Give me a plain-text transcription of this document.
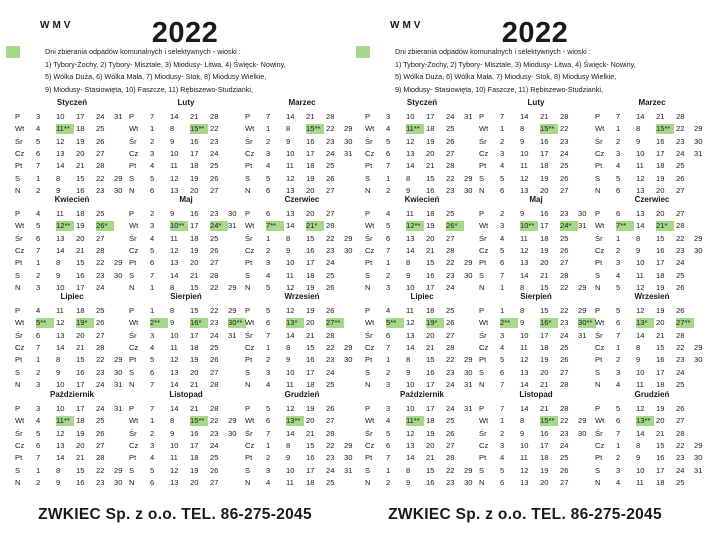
WMV	2022
Dni zbierania odpadów komunalnych i selektywnych - wioski :
1) Tybory-Żochy, 2) Tybory- Misztale, 3) Miodusy- Litwa, 4) Święck- Nowiny,
5) Wólka Duża, 6) Wólka Mała, 7) Miodusy- Stok, 8) Miodusy Wielkie,
9) Miodusy- Stasiowięta, 10) Faszcze, 11) Rębiszewo-Studzianki,
Styczeń
P	3	10	17	24	31
Wt	4	11** 18	25
Śr	5	12	19	26
Cz	6	13	20	27
Pt	7	14	21	28
S	1	8	15	22	29
N	2	9	16	23	30
Luty
P	7	14	21	28
Wt	1	8	15** 22
Śr	2	9	16	23
Cz	3	10	17	24
Pt	4	11	18	25
S	5	12	19	26
N	6	13	20	27
Marzec
P	7	14	21	28
Wt	1	8	15** 22	29
Śr	2	9	16	23	30
Cz	3	10	17	24	31
Pt	4	11	18	25
S	5	12	19	26
N	6	13	20	27
Kwiecień
P	4	11	18	25
Wt	5	12** 19	26*
Śr	6	13	20	27
Cz	7	14	21	28
Pt	1	8	15	22	29
S	2	9	16	23	30
N	3	10	17	24
Maj
P	2	9	16	23	30
Wt	3	10** 17	24* 31
Śr	4	11	18	25
Cz	5	12	19	26
Pt	6	13	20	27
S	7	14	21	28
N	1	8	15	22	29
Czerwiec
P	6	13	20	27
Wt	7**	14	21*	28
Śr	1	8	15	22	29
Cz	2	9	16	23	30
Pt	3	10	17	24
S	4	11	18	25
N	5	12	19	26
Lipiec
P	4	11	18	25
Wt	5**	12	19*	26
Śr	6	13	20	27
Cz	7	14	21	28
Pt	1	8	15	22	29
S	2	9	16	23	30
N	3	10	17	24	31
Sierpień
P	1	8	15	22	29
Wt	2**	9	16*	23	30**
Śr	3	10	17	24	31
Cz	4	11	18	25
Pt	5	12	19	26
S	6	13	20	27
N	7	14	21	28
Wrzesień
P	5	12	19	26
Wt	6	13*	20	27**
Śr	7	14	21	28
Cz	1	8	15	22	29
Pt	2	9	16	23	30
S	3	10	17	24
N	4	11	18	25
Październik
P	3	10	17	24	31
Wt	4	11** 18	25
Śr	5	12	19	26
Cz	6	13	20	27
Pt	7	14	21	28
S	1	8	15	22	29
N	2	9	16	23	30
Listopad
P	7	14	21	28
Wt	1	8	15** 22	29
Śr	2	9	16	23	30
Cz	3	10	17	24
Pt	4	11	18	25
S	5	12	19	26
N	6	13	20	27
Grudzień
P	5	12	19	26
Wt	6	13** 20	27
Śr	7	14	21	28
Cz	1	8	15	22	29
Pt	2	9	16	23	30
S	3	10	17	24	31
N	4	11	18	25
ZWKIEC Sp. z o.o. TEL. 86-275-2045
WMV	2022
Dni zbierania odpadów komunalnych i selektywnych - wioski :
1) Tybory-Żochy, 2) Tybory- Misztale, 3) Miodusy- Litwa, 4) Święck- Nowiny,
5) Wólka Duża, 6) Wólka Mała, 7) Miodusy- Stok, 8) Miodusy Wielkie,
9) Miodusy- Stasiowięta, 10) Faszcze, 11) Rębiszewo-Studzianki,
Styczeń
P	3	10	17	24	31
Wt	4	11** 18	25
Śr	5	12	19	26
Cz	6	13	20	27
Pt	7	14	21	28
S	1	8	15	22	29
N	2	9	16	23	30
Luty
P	7	14	21	28
Wt	1	8	15** 22
Śr	2	9	16	23
Cz	3	10	17	24
Pt	4	11	18	25
S	5	12	19	26
N	6	13	20	27
Marzec
P	7	14	21	28
Wt	1	8	15** 22	29
Śr	2	9	16	23	30
Cz	3	10	17	24	31
Pt	4	11	18	25
S	5	12	19	26
N	6	13	20	27
Kwiecień
P	4	11	18	25
Wt	5	12** 19	26*
Śr	6	13	20	27
Cz	7	14	21	28
Pt	1	8	15	22	29
S	2	9	16	23	30
N	3	10	17	24
Maj
P	2	9	16	23	30
Wt	3	10** 17	24* 31
Śr	4	11	18	25
Cz	5	12	19	26
Pt	6	13	20	27
S	7	14	21	28
N	1	8	15	22	29
Czerwiec
P	6	13	20	27
Wt	7**	14	21*	28
Śr	1	8	15	22	29
Cz	2	9	16	23	30
Pt	3	10	17	24
S	4	11	18	25
N	5	12	19	26
Lipiec
P	4	11	18	25
Wt	5**	12	19*	26
Śr	6	13	20	27
Cz	7	14	21	28
Pt	1	8	15	22	29
S	2	9	16	23	30
N	3	10	17	24	31
Sierpień
P	1	8	15	22	29
Wt	2**	9	16*	23	30**
Śr	3	10	17	24	31
Cz	4	11	18	25
Pt	5	12	19	26
S	6	13	20	27
N	7	14	21	28
Wrzesień
P	5	12	19	26
Wt	6	13*	20	27**
Śr	7	14	21	28
Cz	1	8	15	22	29
Pt	2	9	16	23	30
S	3	10	17	24
N	4	11	18	25
Październik
P	3	10	17	24	31
Wt	4	11** 18	25
Śr	5	12	19	26
Cz	6	13	20	27
Pt	7	14	21	28
S	1	8	15	22	29
N	2	9	16	23	30
Listopad
P	7	14	21	28
Wt	1	8	15** 22	29
Śr	2	9	16	23	30
Cz	3	10	17	24
Pt	4	11	18	25
S	5	12	19	26
N	6	13	20	27
Grudzień
P	5	12	19	26
Wt	6	13** 20	27
Śr	7	14	21	28
Cz	1	8	15	22	29
Pt	2	9	16	23	30
S	3	10	17	24	31
N	4	11	18	25
ZWKIEC Sp. z o.o. TEL. 86-275-2045
